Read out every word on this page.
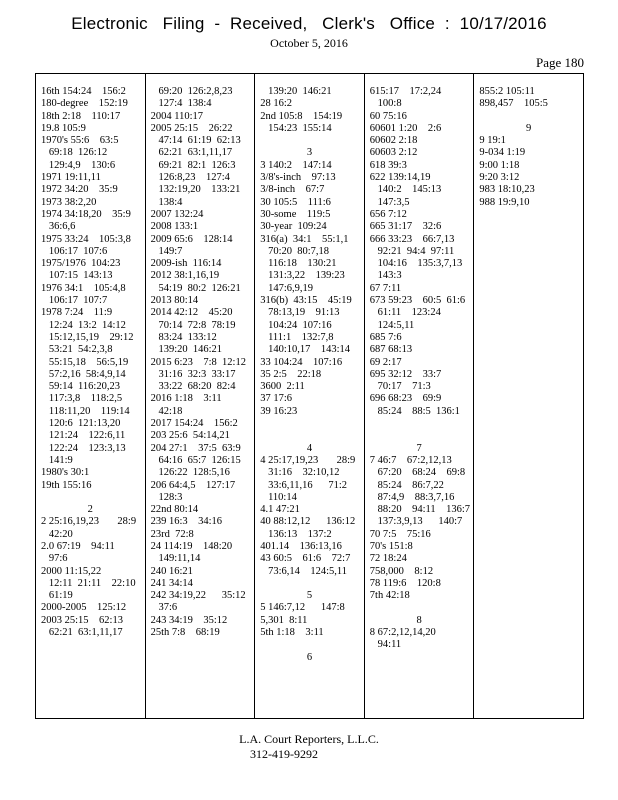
Electronic   Filing  -  Received,   Clerk's   Office  :  10/17/2016
October 5, 2016
Page 180
16th 154:24    156:2
180-degree    152:19
18th 2:18    110:17
19.8 105:9
1970's 55:6    63:5
69:18  126:12
129:4,9    130:6
1971 19:11,11
1972 34:20    35:9
1973 38:2,20
1974 34:18,20    35:9
36:6,6
1975 33:24    105:3,8
106:17  107:6
1975/1976  104:23
107:15  143:13
1976 34:1    105:4,8
106:17  107:7
1978 7:24    11:9
12:24  13:2  14:12
15:12,15,19    29:12
53:21  54:2,3,8
55:15,18    56:5,19
57:2,16  58:4,9,14
59:14  116:20,23
117:3,8    118:2,5
118:11,20    119:14
120:6  121:13,20
121:24    122:6,11
122:24    123:3,13
141:9
1980's 30:1
19th 155:16
2
2 25:16,19,23       28:9
42:20
2.0 67:19    94:11
97:6
2000 11:15,22
12:11  21:11    22:10
61:19
2000-2005    125:12
2003 25:15    62:13
62:21  63:1,11,17
69:20  126:2,8,23
127:4  138:4
2004 110:17
2005 25:15    26:22
47:14  61:19  62:13
62:21  63:1,11,17
69:21  82:1  126:3
126:8,23    127:4
132:19,20    133:21
138:4
2007 132:24
2008 133:1
2009 65:6    128:14
149:7
2009-ish  116:14
2012 38:1,16,19
54:19  80:2  126:21
2013 80:14
2014 42:12    45:20
70:14  72:8  78:19
83:24  133:12
139:20  146:21
2015 6:23    7:8  12:12
31:16  32:3  33:17
33:22  68:20  82:4
2016 1:18    3:11
42:18
2017 154:24    156:2
203 25:6  54:14,21
204 27:1    37:5  63:9
64:16  65:7  126:15
126:22  128:5,16
206 64:4,5    127:17
128:3
22nd 80:14
239 16:3    34:16
23rd  72:8
24 114:19    148:20
149:11,14
240 16:21
241 34:14
242 34:19,22      35:12
37:6
243 34:19    35:12
25th 7:8    68:19
139:20  146:21
28 16:2
2nd 105:8    154:19
154:23  155:14
3
3 140:2    147:14
3/8's-inch    97:13
3/8-inch    67:7
30 105:5    111:6
30-some    119:5
30-year  109:24
316(a)  34:1    55:1,1
70:20  80:7,18
116:18    130:21
131:3,22    139:23
147:6,9,19
316(b)  43:15    45:19
78:13,19    91:13
104:24  107:16
111:1    132:7,8
140:10,17    143:14
33 104:24    107:16
35 2:5    22:18
3600  2:11
37 17:6
39 16:23
4
4 25:17,19,23       28:9
31:16    32:10,12
33:6,11,16      71:2
110:14
4.1 47:21
40 88:12,12      136:12
136:13    137:2
401.14    136:13,16
43 60:5    61:6    72:7
73:6,14    124:5,11
5
5 146:7,12      147:8
5,301  8:11
5th 1:18    3:11
6
615:17    17:2,24
100:8
60 75:16
60601 1:20    2:6
60602 2:18
60603 2:12
618 39:3
622 139:14,19
140:2    145:13
147:3,5
656 7:12
665 31:17    32:6
666 33:23    66:7,13
92:21  94:4  97:11
104:16    135:3,7,13
143:3
67 7:11
673 59:23    60:5  61:6
61:11    123:24
124:5,11
685 7:6
687 68:13
69 2:17
695 32:12    33:7
70:17    71:3
696 68:23    69:9
85:24    88:5  136:1
7
7 46:7    67:2,12,13
67:20    68:24    69:8
85:24    86:7,22
87:4,9    88:3,7,16
88:20    94:11    136:7
137:3,9,13      140:7
70 7:5    75:16
70's 151:8
72 18:24
758,000    8:12
78 119:6    120:8
7th 42:18
8
8 67:2,12,14,20
94:11
855:2 105:11
898,457    105:5
9
9 19:1
9-034 1:19
9:00 1:18
9:20 3:12
983 18:10,23
988 19:9,10
L.A. Court Reporters, L.L.C.
312-419-9292
